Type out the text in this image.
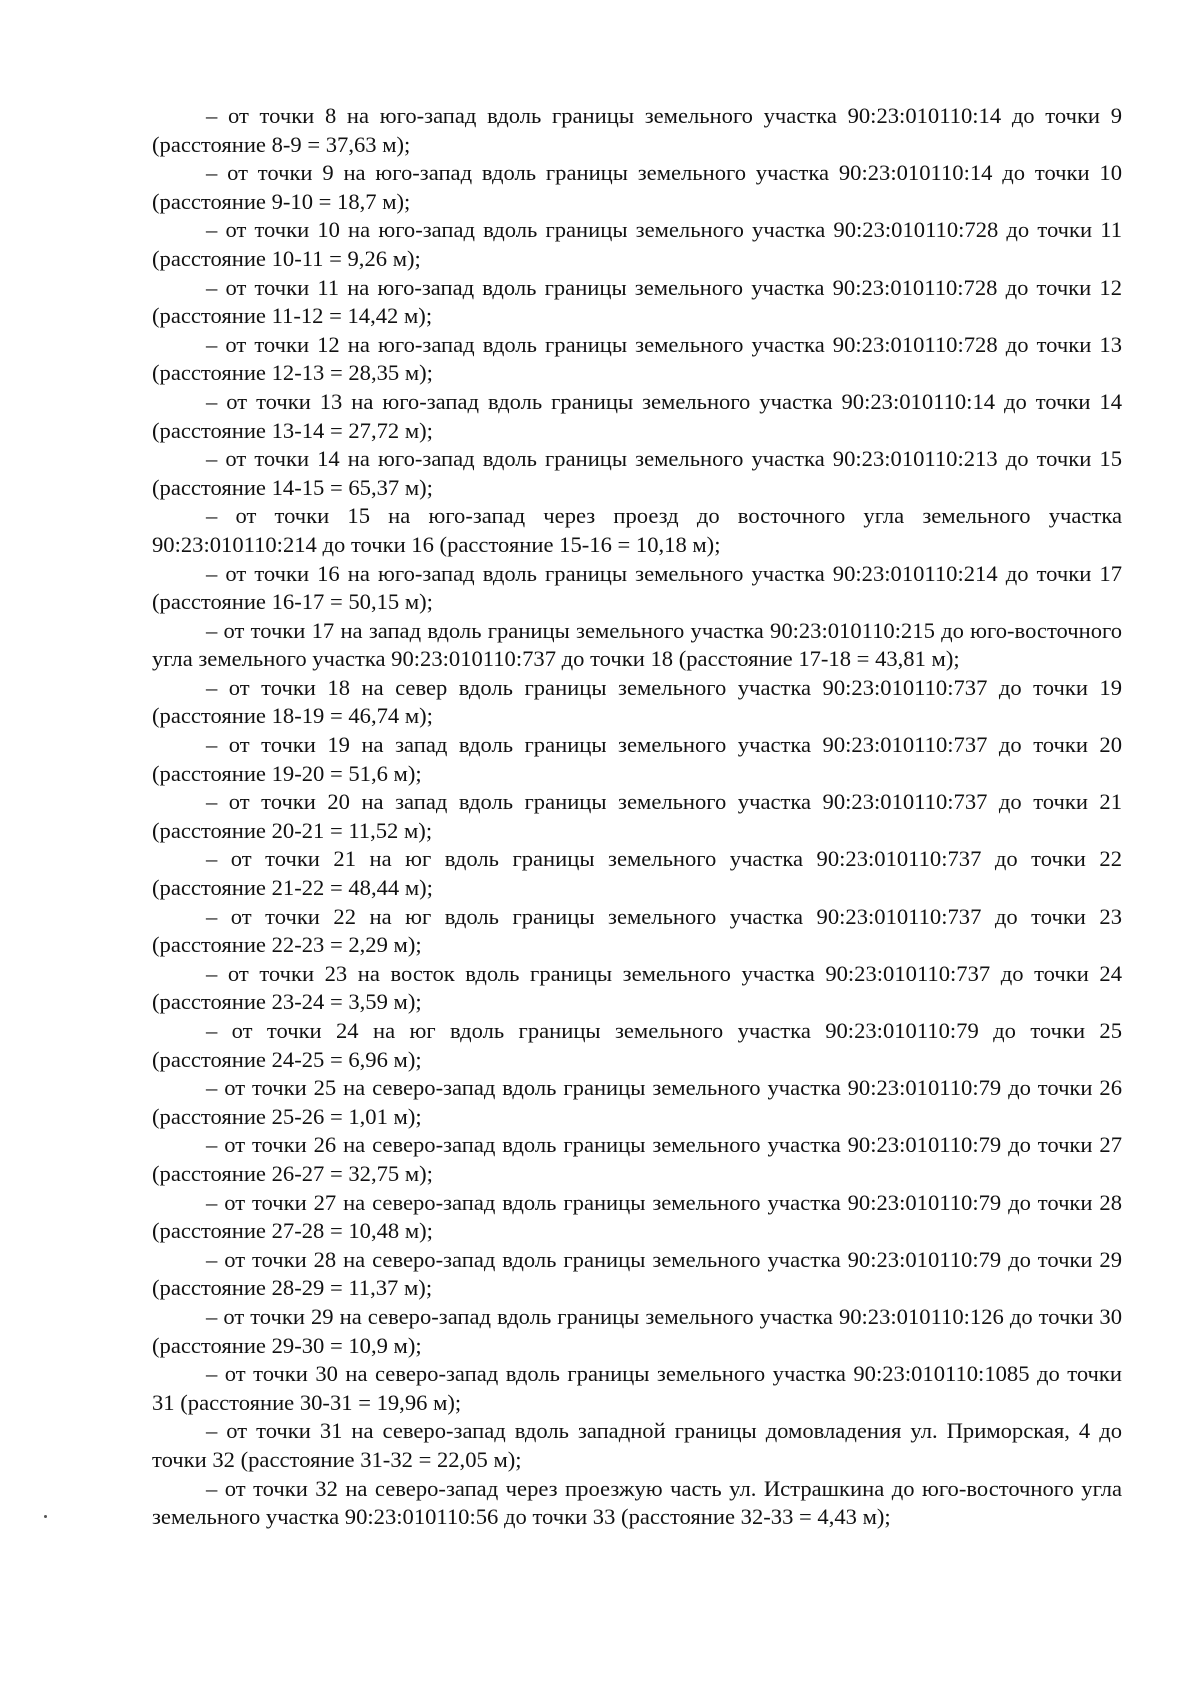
– от точки 8 на юго-запад вдоль границы земельного участка 90:23:010110:14 до точки 9 (расстояние 8-9 = 37,63 м);

– от точки 9 на юго-запад вдоль границы земельного участка 90:23:010110:14 до точки 10 (расстояние 9-10 = 18,7 м);

– от точки 10 на юго-запад вдоль границы земельного участка 90:23:010110:728 до точки 11 (расстояние 10-11 = 9,26 м);

– от точки 11 на юго-запад вдоль границы земельного участка 90:23:010110:728 до точки 12 (расстояние 11-12 = 14,42 м);

– от точки 12 на юго-запад вдоль границы земельного участка 90:23:010110:728 до точки 13 (расстояние 12-13 = 28,35 м);

– от точки 13 на юго-запад вдоль границы земельного участка 90:23:010110:14 до точки 14 (расстояние 13-14 = 27,72 м);

– от точки 14 на юго-запад вдоль границы земельного участка 90:23:010110:213 до точки 15 (расстояние 14-15 = 65,37 м);

– от точки 15 на юго-запад через проезд до восточного угла земельного участка 90:23:010110:214 до точки 16 (расстояние 15-16 = 10,18 м);

– от точки 16 на юго-запад вдоль границы земельного участка 90:23:010110:214 до точки 17 (расстояние 16-17 = 50,15 м);

– от точки 17 на запад вдоль границы земельного участка 90:23:010110:215 до юго-восточного угла земельного участка 90:23:010110:737 до точки 18 (расстояние 17-18 = 43,81 м);

– от точки 18 на север вдоль границы земельного участка 90:23:010110:737 до точки 19 (расстояние 18-19 = 46,74 м);

– от точки 19 на запад вдоль границы земельного участка 90:23:010110:737 до точки 20 (расстояние 19-20 = 51,6 м);

– от точки 20 на запад вдоль границы земельного участка 90:23:010110:737 до точки 21 (расстояние 20-21 = 11,52 м);

– от точки 21 на юг вдоль границы земельного участка 90:23:010110:737 до точки 22 (расстояние 21-22 = 48,44 м);

– от точки 22 на юг вдоль границы земельного участка 90:23:010110:737 до точки 23 (расстояние 22-23 = 2,29 м);

– от точки 23 на восток вдоль границы земельного участка 90:23:010110:737 до точки 24 (расстояние 23-24 = 3,59 м);

– от точки 24 на юг вдоль границы земельного участка 90:23:010110:79 до точки 25 (расстояние 24-25 = 6,96 м);

– от точки 25 на северо-запад вдоль границы земельного участка 90:23:010110:79 до точки 26 (расстояние 25-26 = 1,01 м);

– от точки 26 на северо-запад вдоль границы земельного участка 90:23:010110:79 до точки 27 (расстояние 26-27 = 32,75 м);

– от точки 27 на северо-запад вдоль границы земельного участка 90:23:010110:79 до точки 28 (расстояние 27-28 = 10,48 м);

– от точки 28 на северо-запад вдоль границы земельного участка 90:23:010110:79 до точки 29 (расстояние 28-29 = 11,37 м);

– от точки 29 на северо-запад вдоль границы земельного участка 90:23:010110:126 до точки 30 (расстояние 29-30 = 10,9 м);

– от точки 30 на северо-запад вдоль границы земельного участка 90:23:010110:1085 до точки 31 (расстояние 30-31 = 19,96 м);

– от точки 31 на северо-запад вдоль западной границы домовладения ул. Приморская, 4 до точки 32 (расстояние 31-32 = 22,05 м);

– от точки 32 на северо-запад через проезжую часть ул. Истрашкина до юго-восточного угла земельного участка 90:23:010110:56 до точки 33 (расстояние 32-33 = 4,43 м);
